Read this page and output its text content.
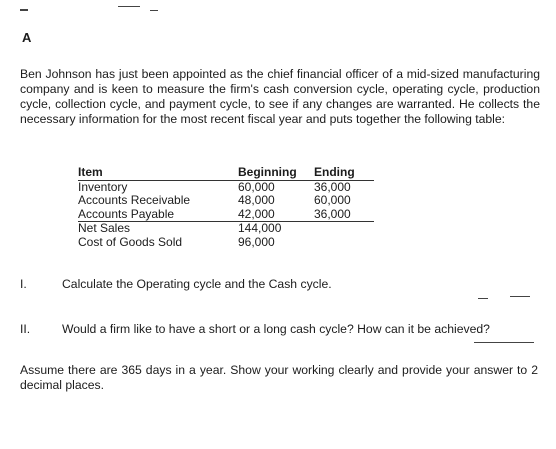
A
Ben Johnson has just been appointed as the chief financial officer of a mid-sized manufacturing company and is keen to measure the firm's cash conversion cycle, operating cycle, production cycle, collection cycle, and payment cycle, to see if any changes are warranted. He collects the necessary information for the most recent fiscal year and puts together the following table:
Item	Beginning	Ending
Inventory	60,000	36,000
Accounts Receivable	48,000	60,000
Accounts Payable	42,000	36,000
Net Sales	144,000	
Cost of Goods Sold	96,000	
I.	Calculate the Operating cycle and the Cash cycle.
II.	Would a firm like to have a short or a long cash cycle? How can it be achieved?
Assume there are 365 days in a year. Show your working clearly and provide your answer to 2 decimal places.
